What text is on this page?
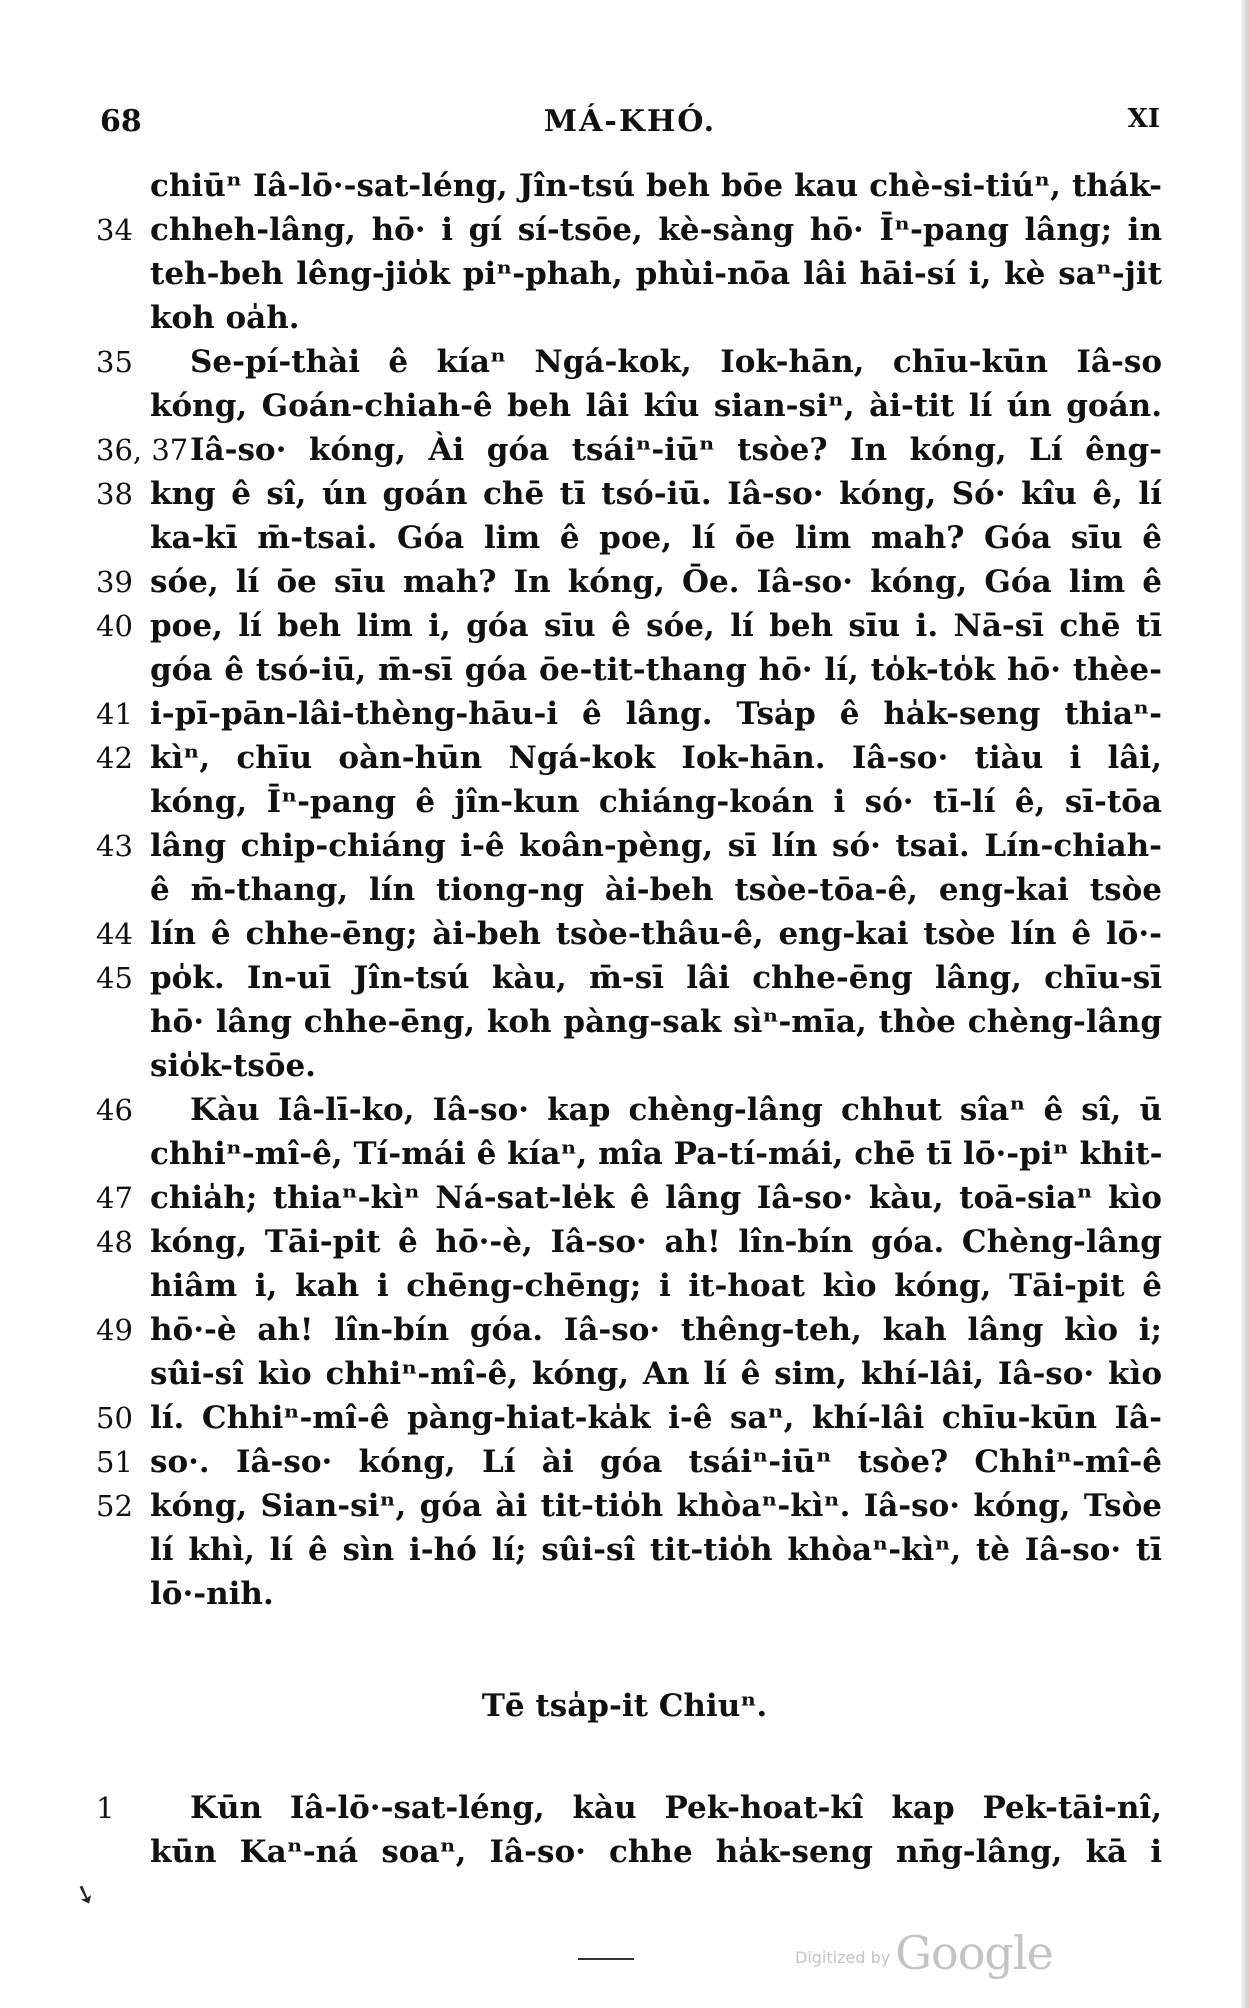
68	MÁ-KHÓ.	XI
chiūⁿ Iâ-lō·-sat-léng, Jîn-tsú beh bōe kau chè-si-tiúⁿ, thák-
34 chheh-lâng, hō· i gí sí-tsōe, kè-sàng hō· Īⁿ-pang lâng; in
teh-beh lêng-jio̍k piⁿ-phah, phùi-nōa lâi hāi-sí i, kè saⁿ-jit
koh oa̍h.
35	Se-pí-thài ê kíaⁿ Ngá-kok, Iok-hān, chīu-kūn Iâ-so
kóng, Goán-chiah-ê beh lâi kîu sian-siⁿ, ài-tit lí ún goán.
36, 37 Iâ-so· kóng, Ài góa tsáiⁿ-iūⁿ tsòe? In kóng, Lí êng-
38 kng ê sî, ún goán chē tī tsó-iū. Iâ-so· kóng, Só· kîu ê, lí
ka-kī m̄-tsai. Góa lim ê poe, lí ōe lim mah? Góa sīu ê
39 sóe, lí ōe sīu mah? In kóng, Ōe. Iâ-so· kóng, Góa lim ê
40 poe, lí beh lim i, góa sīu ê sóe, lí beh sīu i. Nā-sī chē tī
góa ê tsó-iū, m̄-sī góa ōe-tit-thang hō· lí, to̍k-to̍k hō· thèe-
41 i-pī-pān-lâi-thèng-hāu-i ê lâng. Tsa̍p ê ha̍k-seng thiaⁿ-
42 kìⁿ, chīu oàn-hūn Ngá-kok Iok-hān. Iâ-so· tiàu i lâi,
kóng, Īⁿ-pang ê jîn-kun chiáng-koán i só· tī-lí ê, sī-tōa
43 lâng chip-chiáng i-ê koân-pèng, sī lín só· tsai. Lín-chiah-
ê m̄-thang, lín tiong-ng ài-beh tsòe-tōa-ê, eng-kai tsòe
44 lín ê chhe-ēng; ài-beh tsòe-thâu-ê, eng-kai tsòe lín ê lō·-
45 po̍k. In-uī Jîn-tsú kàu, m̄-sī lâi chhe-ēng lâng, chīu-sī
hō· lâng chhe-ēng, koh pàng-sak sìⁿ-mīa, thòe chèng-lâng
sio̍k-tsōe.
46	Kàu Iâ-lī-ko, Iâ-so· kap chèng-lâng chhut sîaⁿ ê sî, ū
chhiⁿ-mî-ê, Tí-mái ê kíaⁿ, mîa Pa-tí-mái, chē tī lō·-piⁿ khit-
47 chia̍h; thiaⁿ-kìⁿ Ná-sat-le̍k ê lâng Iâ-so· kàu, toā-siaⁿ kìo
48 kóng, Tāi-pit ê hō·-è, Iâ-so· ah! lîn-bín góa. Chèng-lâng
hiâm i, kah i chēng-chēng; i it-hoat kìo kóng, Tāi-pit ê
49 hō·-è ah! lîn-bín góa. Iâ-so· thêng-teh, kah lâng kìo i;
sûi-sî kìo chhiⁿ-mî-ê, kóng, An lí ê sim, khí-lâi, Iâ-so· kìo
50 lí. Chhiⁿ-mî-ê pàng-hiat-ka̍k i-ê saⁿ, khí-lâi chīu-kūn Iâ-
51 so·. Iâ-so· kóng, Lí ài góa tsáiⁿ-iūⁿ tsòe? Chhiⁿ-mî-ê
52 kóng, Sian-siⁿ, góa ài tit-tio̍h khòaⁿ-kìⁿ. Iâ-so· kóng, Tsòe
lí khì, lí ê sìn i-hó lí; sûi-sî tit-tio̍h khòaⁿ-kìⁿ, tè Iâ-so· tī
lō·-nih.
Tē tsa̍p-it Chiuⁿ.
1	Kūn Iâ-lō·-sat-léng, kàu Pek-hoat-kî kap Pek-tāi-nî,
kūn Kaⁿ-ná soaⁿ, Iâ-so· chhe ha̍k-seng nn̄g-lâng, kā i
➘
Digitized by Google
